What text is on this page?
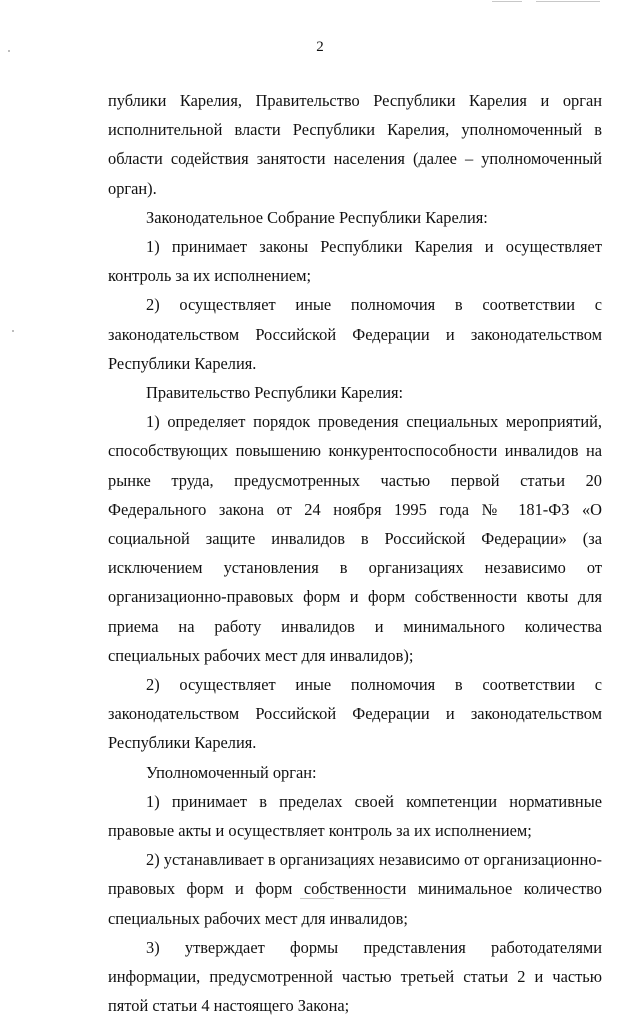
2

публики Карелия, Правительство Республики Карелия и орган исполнительной власти Республики Карелия, уполномоченный в области содействия занятости населения (далее – уполномоченный орган).

Законодательное Собрание Республики Карелия:

1) принимает законы Республики Карелия и осуществляет контроль за их исполнением;

2) осуществляет иные полномочия в соответствии с законодательством Российской Федерации и законодательством Республики Карелия.

Правительство Республики Карелия:

1) определяет порядок проведения специальных мероприятий, способствующих повышению конкурентоспособности инвалидов на рынке труда, предусмотренных частью первой статьи 20 Федерального закона от 24 ноября 1995 года № 181-ФЗ «О социальной защите инвалидов в Российской Федерации» (за исключением установления в организациях независимо от организационно-правовых форм и форм собственности квоты для приема на работу инвалидов и минимального количества специальных рабочих мест для инвалидов);

2) осуществляет иные полномочия в соответствии с законодательством Российской Федерации и законодательством Республики Карелия.

Уполномоченный орган:

1) принимает в пределах своей компетенции нормативные правовые акты и осуществляет контроль за их исполнением;

2) устанавливает в организациях независимо от организационно-правовых форм и форм собственности минимальное количество специальных рабочих мест для инвалидов;

3) утверждает формы представления работодателями информации, предусмотренной частью третьей статьи 2 и частью пятой статьи 4 настоящего Закона;
